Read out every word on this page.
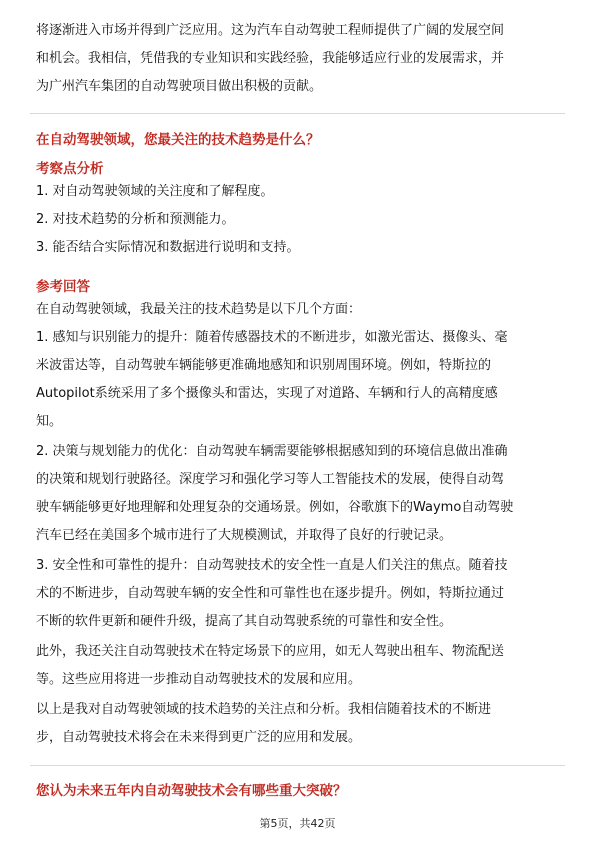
将逐渐进入市场并得到广泛应用。这为汽车自动驾驶工程师提供了广阔的发展空间
和机会。我相信，凭借我的专业知识和实践经验，我能够适应行业的发展需求，并
为广州汽车集团的自动驾驶项目做出积极的贡献。
在自动驾驶领域，您最关注的技术趋势是什么？
考察点分析
1. 对自动驾驶领域的关注度和了解程度。
2. 对技术趋势的分析和预测能力。
3. 能否结合实际情况和数据进行说明和支持。
参考回答
在自动驾驶领域，我最关注的技术趋势是以下几个方面：
1. 感知与识别能力的提升：随着传感器技术的不断进步，如激光雷达、摄像头、毫
米波雷达等，自动驾驶车辆能够更准确地感知和识别周围环境。例如，特斯拉的
Autopilot系统采用了多个摄像头和雷达，实现了对道路、车辆和行人的高精度感
知。
2. 决策与规划能力的优化：自动驾驶车辆需要能够根据感知到的环境信息做出准确
的决策和规划行驶路径。深度学习和强化学习等人工智能技术的发展，使得自动驾
驶车辆能够更好地理解和处理复杂的交通场景。例如，谷歌旗下的Waymo自动驾驶
汽车已经在美国多个城市进行了大规模测试，并取得了良好的行驶记录。
3. 安全性和可靠性的提升：自动驾驶技术的安全性一直是人们关注的焦点。随着技
术的不断进步，自动驾驶车辆的安全性和可靠性也在逐步提升。例如，特斯拉通过
不断的软件更新和硬件升级，提高了其自动驾驶系统的可靠性和安全性。
此外，我还关注自动驾驶技术在特定场景下的应用，如无人驾驶出租车、物流配送
等。这些应用将进一步推动自动驾驶技术的发展和应用。
以上是我对自动驾驶领域的技术趋势的关注点和分析。我相信随着技术的不断进
步，自动驾驶技术将会在未来得到更广泛的应用和发展。
您认为未来五年内自动驾驶技术会有哪些重大突破？
第5页，共42页
